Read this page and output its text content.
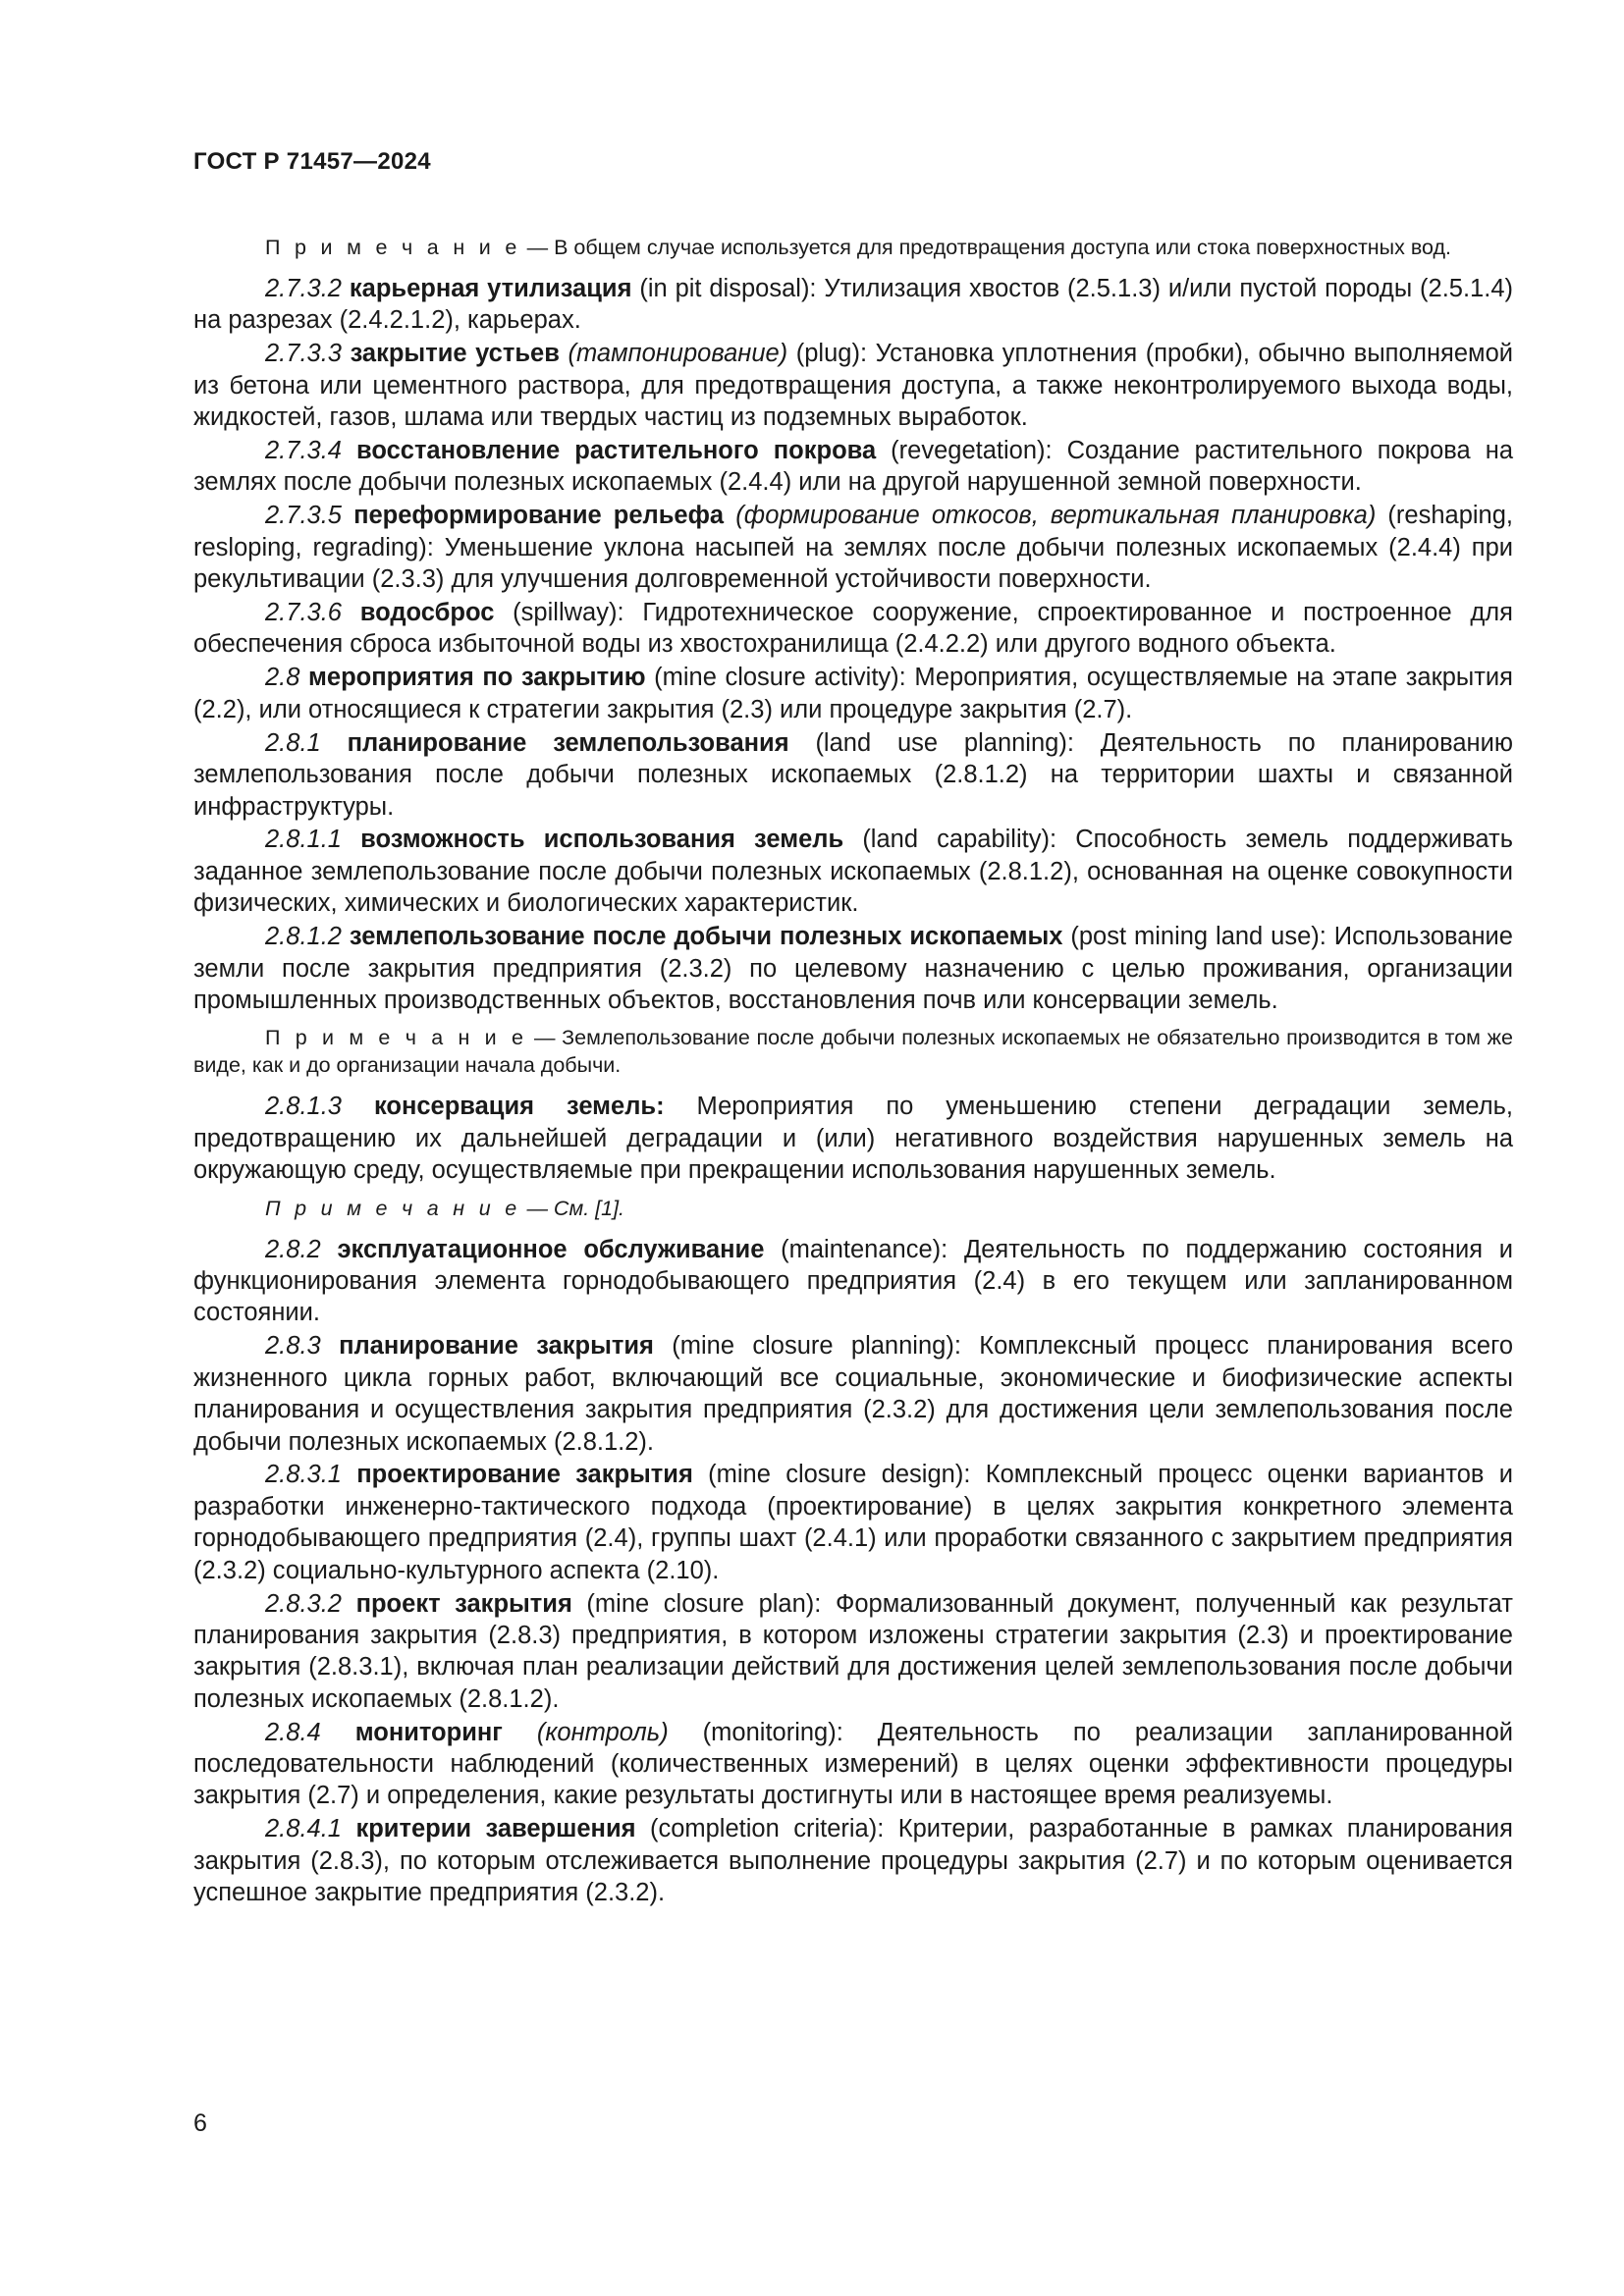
ГОСТ Р 71457—2024

П р и м е ч а н и е — В общем случае используется для предотвращения доступа или стока поверхностных вод.

2.7.3.2 карьерная утилизация (in pit disposal): Утилизация хвостов (2.5.1.3) и/или пустой породы (2.5.1.4) на разрезах (2.4.2.1.2), карьерах.

2.7.3.3 закрытие устьев (тампонирование) (plug): Установка уплотнения (пробки), обычно выполняемой из бетона или цементного раствора, для предотвращения доступа, а также неконтролируемого выхода воды, жидкостей, газов, шлама или твердых частиц из подземных выработок.

2.7.3.4 восстановление растительного покрова (revegetation): Создание растительного покрова на землях после добычи полезных ископаемых (2.4.4) или на другой нарушенной земной поверхности.

2.7.3.5 переформирование рельефа (формирование откосов, вертикальная планировка) (reshaping, resloping, regrading): Уменьшение уклона насыпей на землях после добычи полезных ископаемых (2.4.4) при рекультивации (2.3.3) для улучшения долговременной устойчивости поверхности.

2.7.3.6 водосброс (spillway): Гидротехническое сооружение, спроектированное и построенное для обеспечения сброса избыточной воды из хвостохранилища (2.4.2.2) или другого водного объекта.

2.8 мероприятия по закрытию (mine closure activity): Мероприятия, осуществляемые на этапе закрытия (2.2), или относящиеся к стратегии закрытия (2.3) или процедуре закрытия (2.7).

2.8.1 планирование землепользования (land use planning): Деятельность по планированию землепользования после добычи полезных ископаемых (2.8.1.2) на территории шахты и связанной инфраструктуры.

2.8.1.1 возможность использования земель (land capability): Способность земель поддерживать заданное землепользование после добычи полезных ископаемых (2.8.1.2), основанная на оценке совокупности физических, химических и биологических характеристик.

2.8.1.2 землепользование после добычи полезных ископаемых (post mining land use): Использование земли после закрытия предприятия (2.3.2) по целевому назначению с целью проживания, организации промышленных производственных объектов, восстановления почв или консервации земель.

П р и м е ч а н и е — Землепользование после добычи полезных ископаемых не обязательно производится в том же виде, как и до организации начала добычи.

2.8.1.3 консервация земель: Мероприятия по уменьшению степени деградации земель, предотвращению их дальнейшей деградации и (или) негативного воздействия нарушенных земель на окружающую среду, осуществляемые при прекращении использования нарушенных земель.

П р и м е ч а н и е — См. [1].

2.8.2 эксплуатационное обслуживание (maintenance): Деятельность по поддержанию состояния и функционирования элемента горнодобывающего предприятия (2.4) в его текущем или запланированном состоянии.

2.8.3 планирование закрытия (mine closure planning): Комплексный процесс планирования всего жизненного цикла горных работ, включающий все социальные, экономические и биофизические аспекты планирования и осуществления закрытия предприятия (2.3.2) для достижения цели землепользования после добычи полезных ископаемых (2.8.1.2).

2.8.3.1 проектирование закрытия (mine closure design): Комплексный процесс оценки вариантов и разработки инженерно-тактического подхода (проектирование) в целях закрытия конкретного элемента горнодобывающего предприятия (2.4), группы шахт (2.4.1) или проработки связанного с закрытием предприятия (2.3.2) социально-культурного аспекта (2.10).

2.8.3.2 проект закрытия (mine closure plan): Формализованный документ, полученный как результат планирования закрытия (2.8.3) предприятия, в котором изложены стратегии закрытия (2.3) и проектирование закрытия (2.8.3.1), включая план реализации действий для достижения целей землепользования после добычи полезных ископаемых (2.8.1.2).

2.8.4 мониторинг (контроль) (monitoring): Деятельность по реализации запланированной последовательности наблюдений (количественных измерений) в целях оценки эффективности процедуры закрытия (2.7) и определения, какие результаты достигнуты или в настоящее время реализуемы.

2.8.4.1 критерии завершения (completion criteria): Критерии, разработанные в рамках планирования закрытия (2.8.3), по которым отслеживается выполнение процедуры закрытия (2.7) и по которым оценивается успешное закрытие предприятия (2.3.2).

6
